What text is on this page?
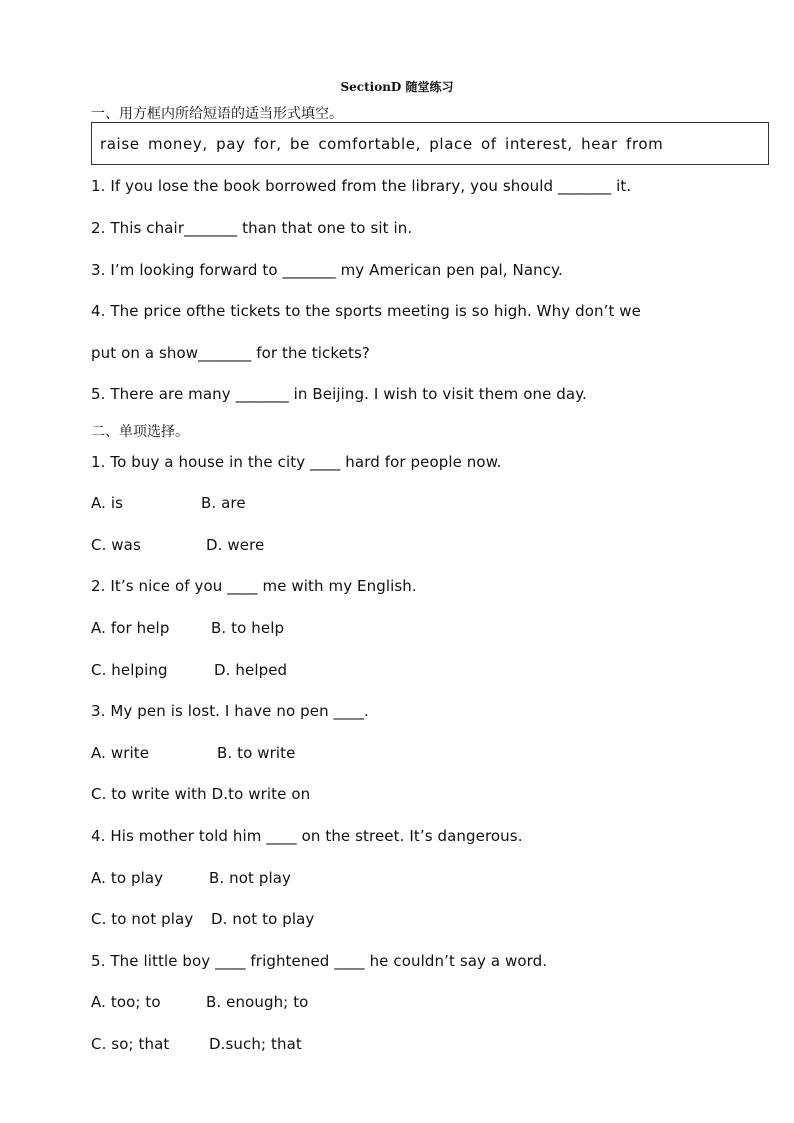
SectionD 随堂练习
一、用方框内所给短语的适当形式填空。
raise money, pay for, be comfortable, place of interest, hear from
1. If you lose the book borrowed from the library, you should _______ it.
2. This chair_______ than that one to sit in.
3. I’m looking forward to _______ my American pen pal, Nancy.
4. The price ofthe tickets to the sports meeting is so high. Why don’t we
put on a show_______ for the tickets?
5. There are many _______ in Beijing. I wish to visit them one day.
二、单项选择。
1. To buy a house in the city ____ hard for people now.
A. is	B. are
C. was	D. were
2. It’s nice of you ____ me with my English.
A. for help	B. to help
C. helping	D. helped
3. My pen is lost. I have no pen ____.
A. write	B. to write
C. to write with D.to write on
4. His mother told him ____ on the street. It’s dangerous.
A. to play	B. not play
C. to not play D. not to play
5. The little boy ____ frightened ____ he couldn’t say a word.
A. too; to	B. enough; to
C. so; that	D.such; that
